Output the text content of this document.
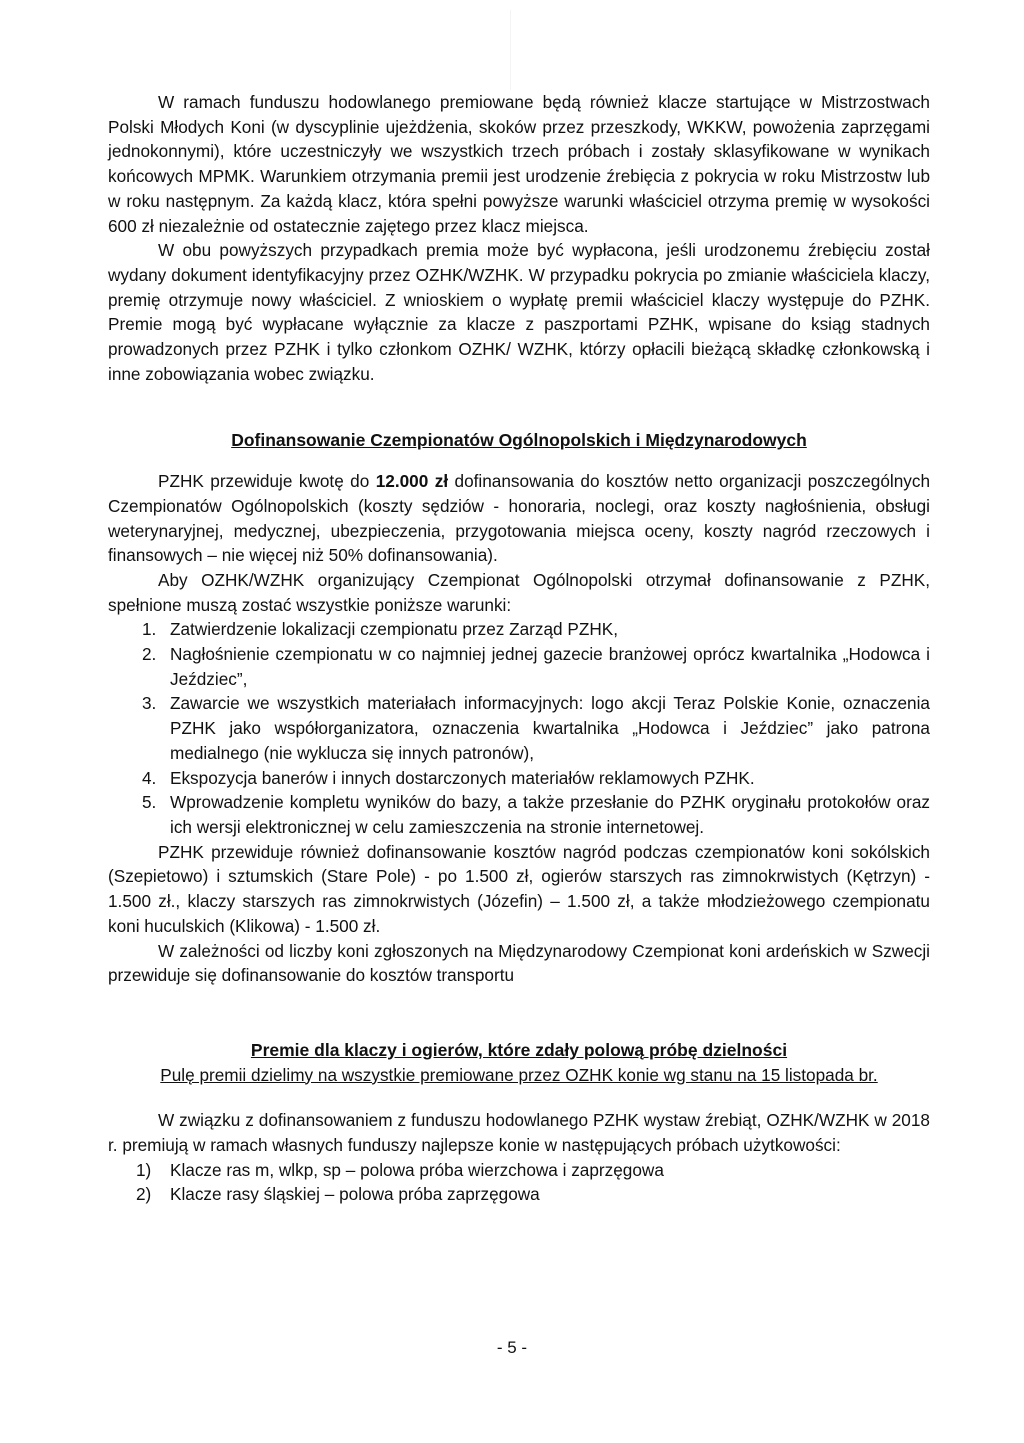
W ramach funduszu hodowlanego premiowane będą również klacze startujące w Mistrzostwach Polski Młodych Koni (w dyscyplinie ujeżdżenia, skoków przez przeszkody, WKKW, powożenia zaprzęgami jednokonnymi), które uczestniczyły we wszystkich trzech próbach i zostały sklasyfikowane w wynikach końcowych MPMK. Warunkiem otrzymania premii jest urodzenie źrebięcia z pokrycia w roku Mistrzostw lub w roku następnym. Za każdą klacz, która spełni powyższe warunki właściciel otrzyma premię w wysokości 600 zł niezależnie od ostatecznie zajętego przez klacz miejsca.

W obu powyższych przypadkach premia może być wypłacona, jeśli urodzonemu źrebięciu został wydany dokument identyfikacyjny przez OZHK/WZHK. W przypadku pokrycia po zmianie właściciela klaczy, premię otrzymuje nowy właściciel. Z wnioskiem o wypłatę premii właściciel klaczy występuje do PZHK. Premie mogą być wypłacane wyłącznie za klacze z paszportami PZHK, wpisane do ksiąg stadnych prowadzonych przez PZHK i tylko członkom OZHK/ WZHK, którzy opłacili bieżącą składkę członkowską i inne zobowiązania wobec związku.

Dofinansowanie Czempionatów Ogólnopolskich i Międzynarodowych

PZHK przewiduje kwotę do 12.000 zł dofinansowania do kosztów netto organizacji poszczególnych Czempionatów Ogólnopolskich (koszty sędziów - honoraria, noclegi, oraz koszty nagłośnienia, obsługi weterynaryjnej, medycznej, ubezpieczenia, przygotowania miejsca oceny, koszty nagród rzeczowych i finansowych – nie więcej niż 50% dofinansowania).

Aby OZHK/WZHK organizujący Czempionat Ogólnopolski otrzymał dofinansowanie z PZHK, spełnione muszą zostać wszystkie poniższe warunki:

1. Zatwierdzenie lokalizacji czempionatu przez Zarząd PZHK,
2. Nagłośnienie czempionatu w co najmniej jednej gazecie branżowej oprócz kwartalnika „Hodowca i Jeździec”,
3. Zawarcie we wszystkich materiałach informacyjnych: logo akcji Teraz Polskie Konie, oznaczenia PZHK jako współorganizatora, oznaczenia kwartalnika „Hodowca i Jeździec” jako patrona medialnego (nie wyklucza się innych patronów),
4. Ekspozycja banerów i innych dostarczonych materiałów reklamowych PZHK.
5. Wprowadzenie kompletu wyników do bazy, a także przesłanie do PZHK oryginału protokołów oraz ich wersji elektronicznej w celu zamieszczenia na stronie internetowej.

PZHK przewiduje również dofinansowanie kosztów nagród podczas czempionatów koni sokólskich (Szepietowo) i sztumskich (Stare Pole) - po 1.500 zł, ogierów starszych ras zimnokrwistych (Kętrzyn) - 1.500 zł., klaczy starszych ras zimnokrwistych (Józefin) – 1.500 zł, a także młodzieżowego czempionatu koni huculskich (Klikowa) - 1.500 zł.

W zależności od liczby koni zgłoszonych na Międzynarodowy Czempionat koni ardeńskich w Szwecji przewiduje się dofinansowanie do kosztów transportu

Premie dla klaczy i ogierów, które zdały polową próbę dzielności

Pulę premii dzielimy na wszystkie premiowane przez OZHK konie wg stanu na 15 listopada br.

W związku z dofinansowaniem z funduszu hodowlanego PZHK wystaw źrebiąt, OZHK/WZHK w 2018 r. premiują w ramach własnych funduszy najlepsze konie w następujących próbach użytkowości:

1)	Klacze ras m, wlkp, sp – polowa próba wierzchowa i zaprzęgowa
2)	Klacze rasy śląskiej – polowa próba zaprzęgowa
- 5 -
